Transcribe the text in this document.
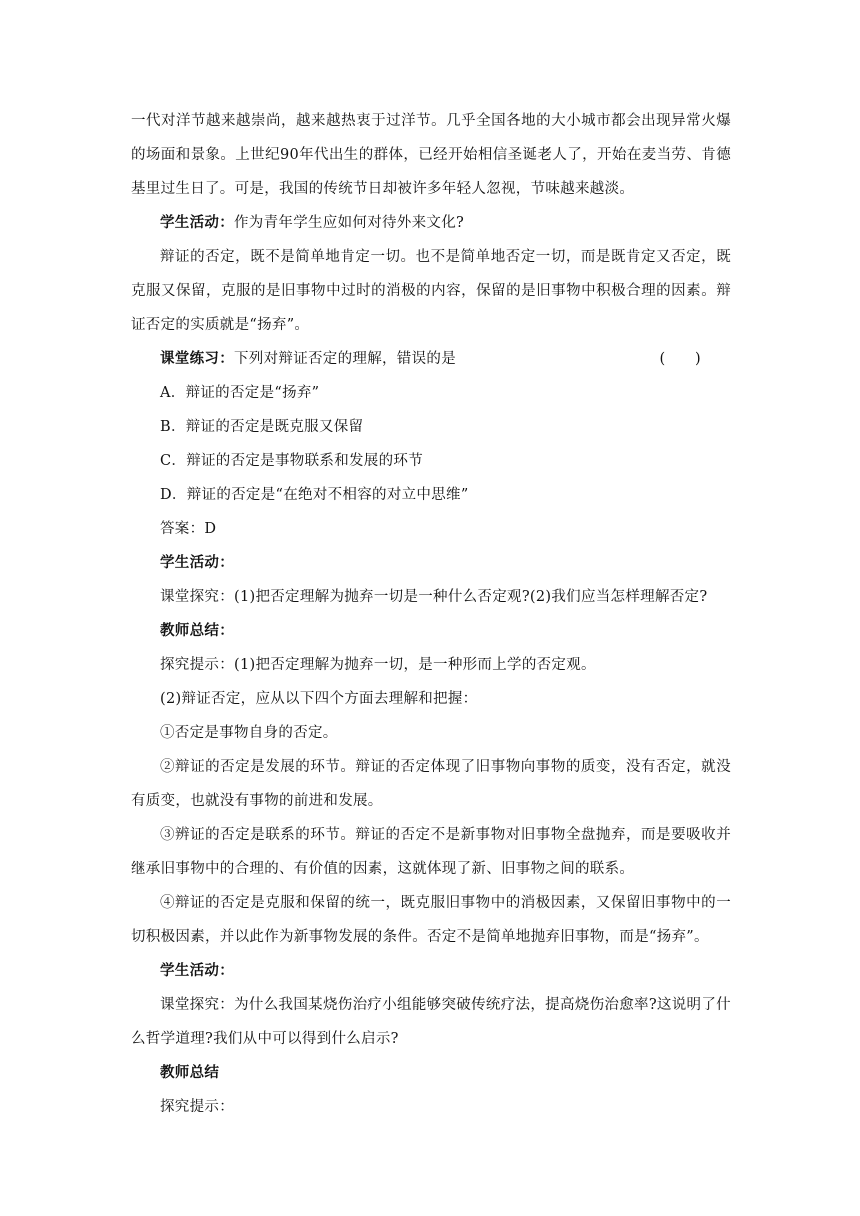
一代对洋节越来越崇尚，越来越热衷于过洋节。几乎全国各地的大小城市都会出现异常火爆的场面和景象。上世纪90年代出生的群体，已经开始相信圣诞老人了，开始在麦当劳、肯德基里过生日了。可是，我国的传统节日却被许多年轻人忽视，节味越来越淡。

学生活动：作为青年学生应如何对待外来文化?

辩证的否定，既不是简单地肯定一切。也不是简单地否定一切，而是既肯定又否定，既克服又保留，克服的是旧事物中过时的消极的内容，保留的是旧事物中积极合理的因素。辩证否定的实质就是“扬弃”。

课堂练习：下列对辩证否定的理解，错误的是	(　　)

A．辩证的否定是“扬弃”

B．辩证的否定是既克服又保留

C．辩证的否定是事物联系和发展的环节

D．辩证的否定是“在绝对不相容的对立中思维”

答案：D

学生活动：

课堂探究：(1)把否定理解为抛弃一切是一种什么否定观?(2)我们应当怎样理解否定?

教师总结：

探究提示：(1)把否定理解为抛弃一切，是一种形而上学的否定观。

(2)辩证否定，应从以下四个方面去理解和把握：

①否定是事物自身的否定。

②辩证的否定是发展的环节。辩证的否定体现了旧事物向事物的质变，没有否定，就没有质变，也就没有事物的前进和发展。

③辨证的否定是联系的环节。辩证的否定不是新事物对旧事物全盘抛弃，而是要吸收并继承旧事物中的合理的、有价值的因素，这就体现了新、旧事物之间的联系。

④辩证的否定是克服和保留的统一，既克服旧事物中的消极因素，又保留旧事物中的一切积极因素，并以此作为新事物发展的条件。否定不是简单地抛弃旧事物，而是“扬弃”。

学生活动：

课堂探究：为什么我国某烧伤治疗小组能够突破传统疗法，提高烧伤治愈率?这说明了什么哲学道理?我们从中可以得到什么启示?

教师总结

探究提示：
